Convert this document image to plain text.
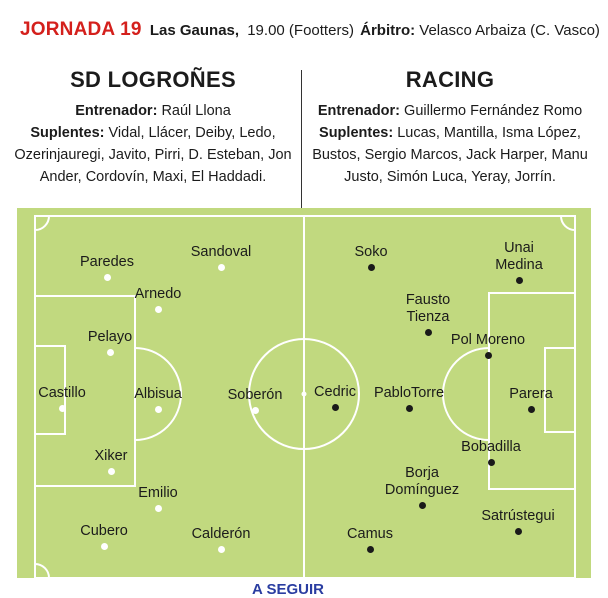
JORNADA 19 Las Gaunas, 19.00 (Footters) Árbitro: Velasco Arbaiza (C. Vasco)
SD LOGROÑES
Entrenador: Raúl Llona
Suplentes: Vidal, Llácer, Deiby, Ledo, Ozerinjauregi, Javito, Pirri, D. Esteban, Jon Ander, Cordovín, Maxi, El Haddadi.
RACING
Entrenador: Guillermo Fernández Romo
Suplentes: Lucas, Mantilla, Isma López, Bustos, Sergio Marcos, Jack Harper, Manu Justo, Simón Luca, Yeray, Jorrín.
Castillo
Paredes
Arnedo
Pelayo
Albisua
Xiker
Emilio
Cubero
Sandoval
Soberón
Calderón
Soko	Unai Medina
Fausto Tienza
Pol Moreno
Cedric PabloTorre	Parera
Bobadilla
Borja Domínguez
Camus
Satrústegui
A SEGUIR
